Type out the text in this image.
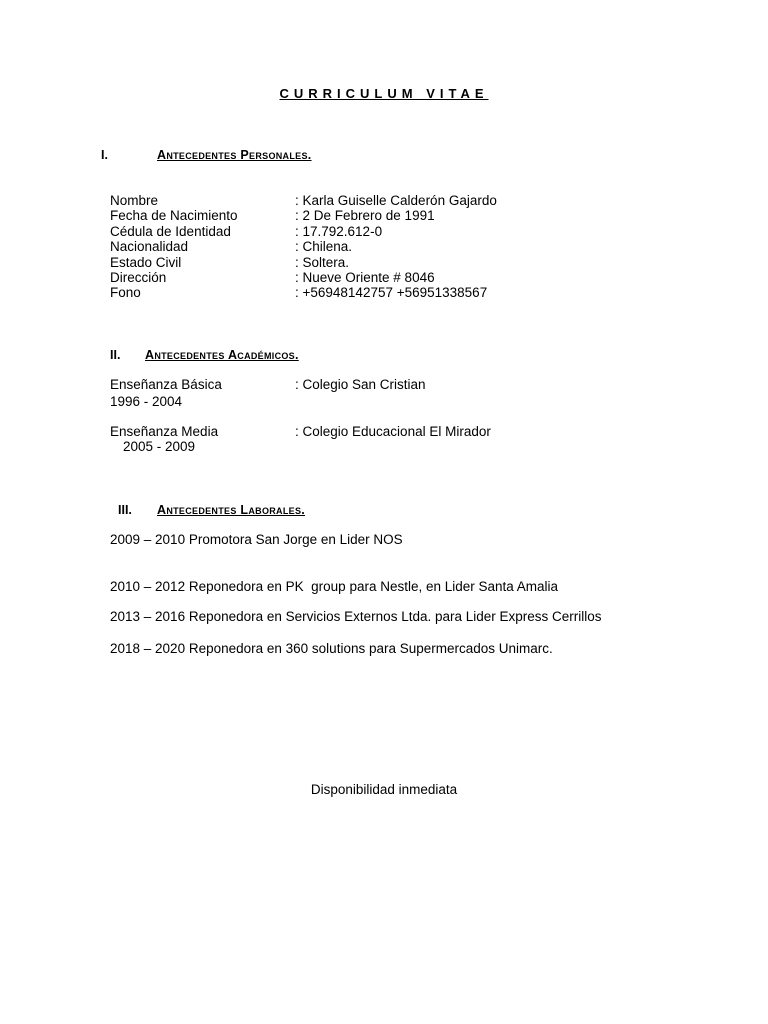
CURRICULUM VITAE
I.	Antecedentes Personales.
Nombre	: Karla Guiselle Calderón Gajardo
Fecha de Nacimiento	: 2 De Febrero de 1991
Cédula de Identidad	: 17.792.612-0
Nacionalidad	: Chilena.
Estado Civil	: Soltera.
Dirección	: Nueve Oriente # 8046
Fono	: +56948142757 +56951338567
II. Antecedentes Académicos.
Enseñanza Básica	: Colegio San Cristian
1996 - 2004
Enseñanza Media	: Colegio Educacional El Mirador
2005 - 2009
III. Antecedentes Laborales.
2009 – 2010 Promotora San Jorge en Lider NOS
2010 – 2012 Reponedora en PK  group para Nestle, en Lider Santa Amalia
2013 – 2016 Reponedora en Servicios Externos Ltda. para Lider Express Cerrillos
2018 – 2020 Reponedora en 360 solutions para Supermercados Unimarc.
Disponibilidad inmediata
